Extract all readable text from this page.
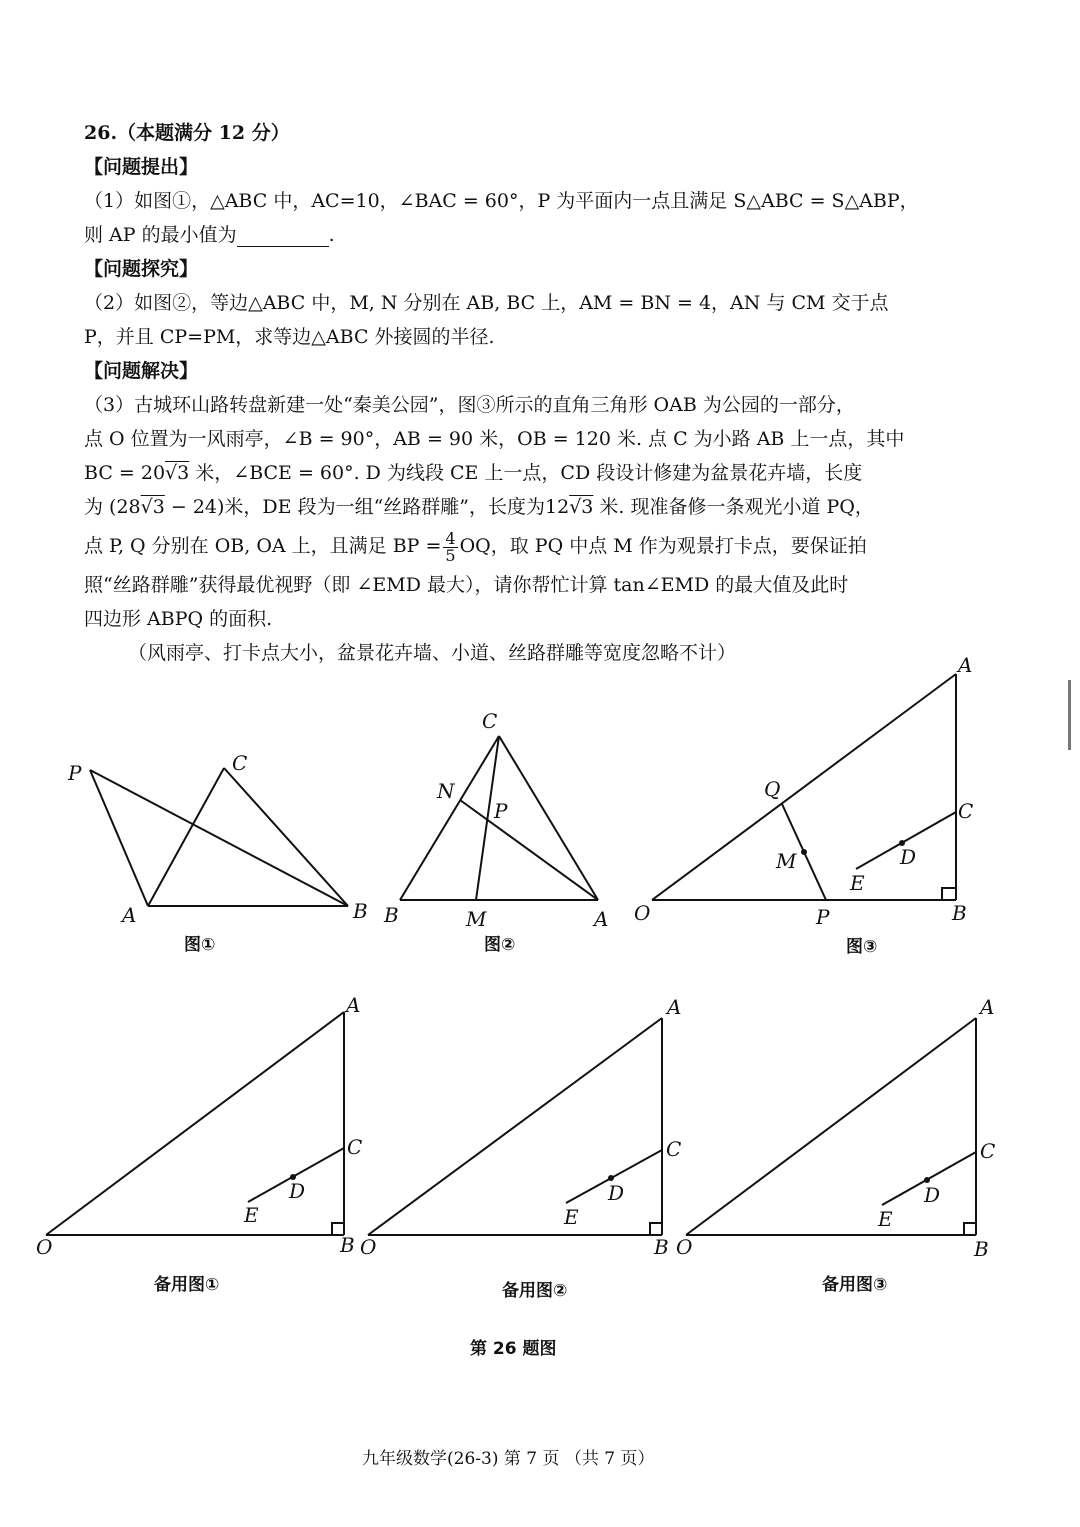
26.（本题满分 12 分）
【问题提出】
（1）如图①，△ABC 中，AC=10，∠BAC = 60°，P 为平面内一点且满足 S△ABC = S△ABP，
则 AP 的最小值为	.
【问题探究】
（2）如图②，等边△ABC 中，M, N 分别在 AB, BC 上，AM = BN = 4，AN 与 CM 交于点
P，并且 CP=PM，求等边△ABC 外接圆的半径.
【问题解决】
（3）古城环山路转盘新建一处“秦美公园”，图③所示的直角三角形 OAB 为公园的一部分，
点 O 位置为一风雨亭，∠B = 90°，AB = 90 米，OB = 120 米. 点 C 为小路 AB 上一点，其中
BC = 20√3 米，∠BCE = 60°. D 为线段 CE 上一点，CD 段设计修建为盆景花卉墙，长度
为 (28√3 − 24)米，DE 段为一组“丝路群雕”，长度为12√3 米. 现准备修一条观光小道 PQ，
点 P, Q 分别在 OB, OA 上，且满足 BP = $\frac{4}{5}$ OQ，取 PQ 中点 M 作为观景打卡点，要保证拍
照“丝路群雕”获得最优视野（即 ∠EMD 最大），请你帮忙计算 tan∠EMD 的最大值及此时
四边形 ABPQ 的面积.
（风雨亭、打卡点大小，盆景花卉墙、小道、丝路群雕等宽度忽略不计）
P	C
A	B
图①
C
N
P
B	M	A
图②
A
Q
C
M	D
E
O	P	B
图③
A
C
D
E
O	B
备用图①
A
C
D
E
O	B
备用图②
A
C
D
E
O	B
备用图③
第 26 题图
九年级数学(26-3) 第 7 页 （共 7 页）
